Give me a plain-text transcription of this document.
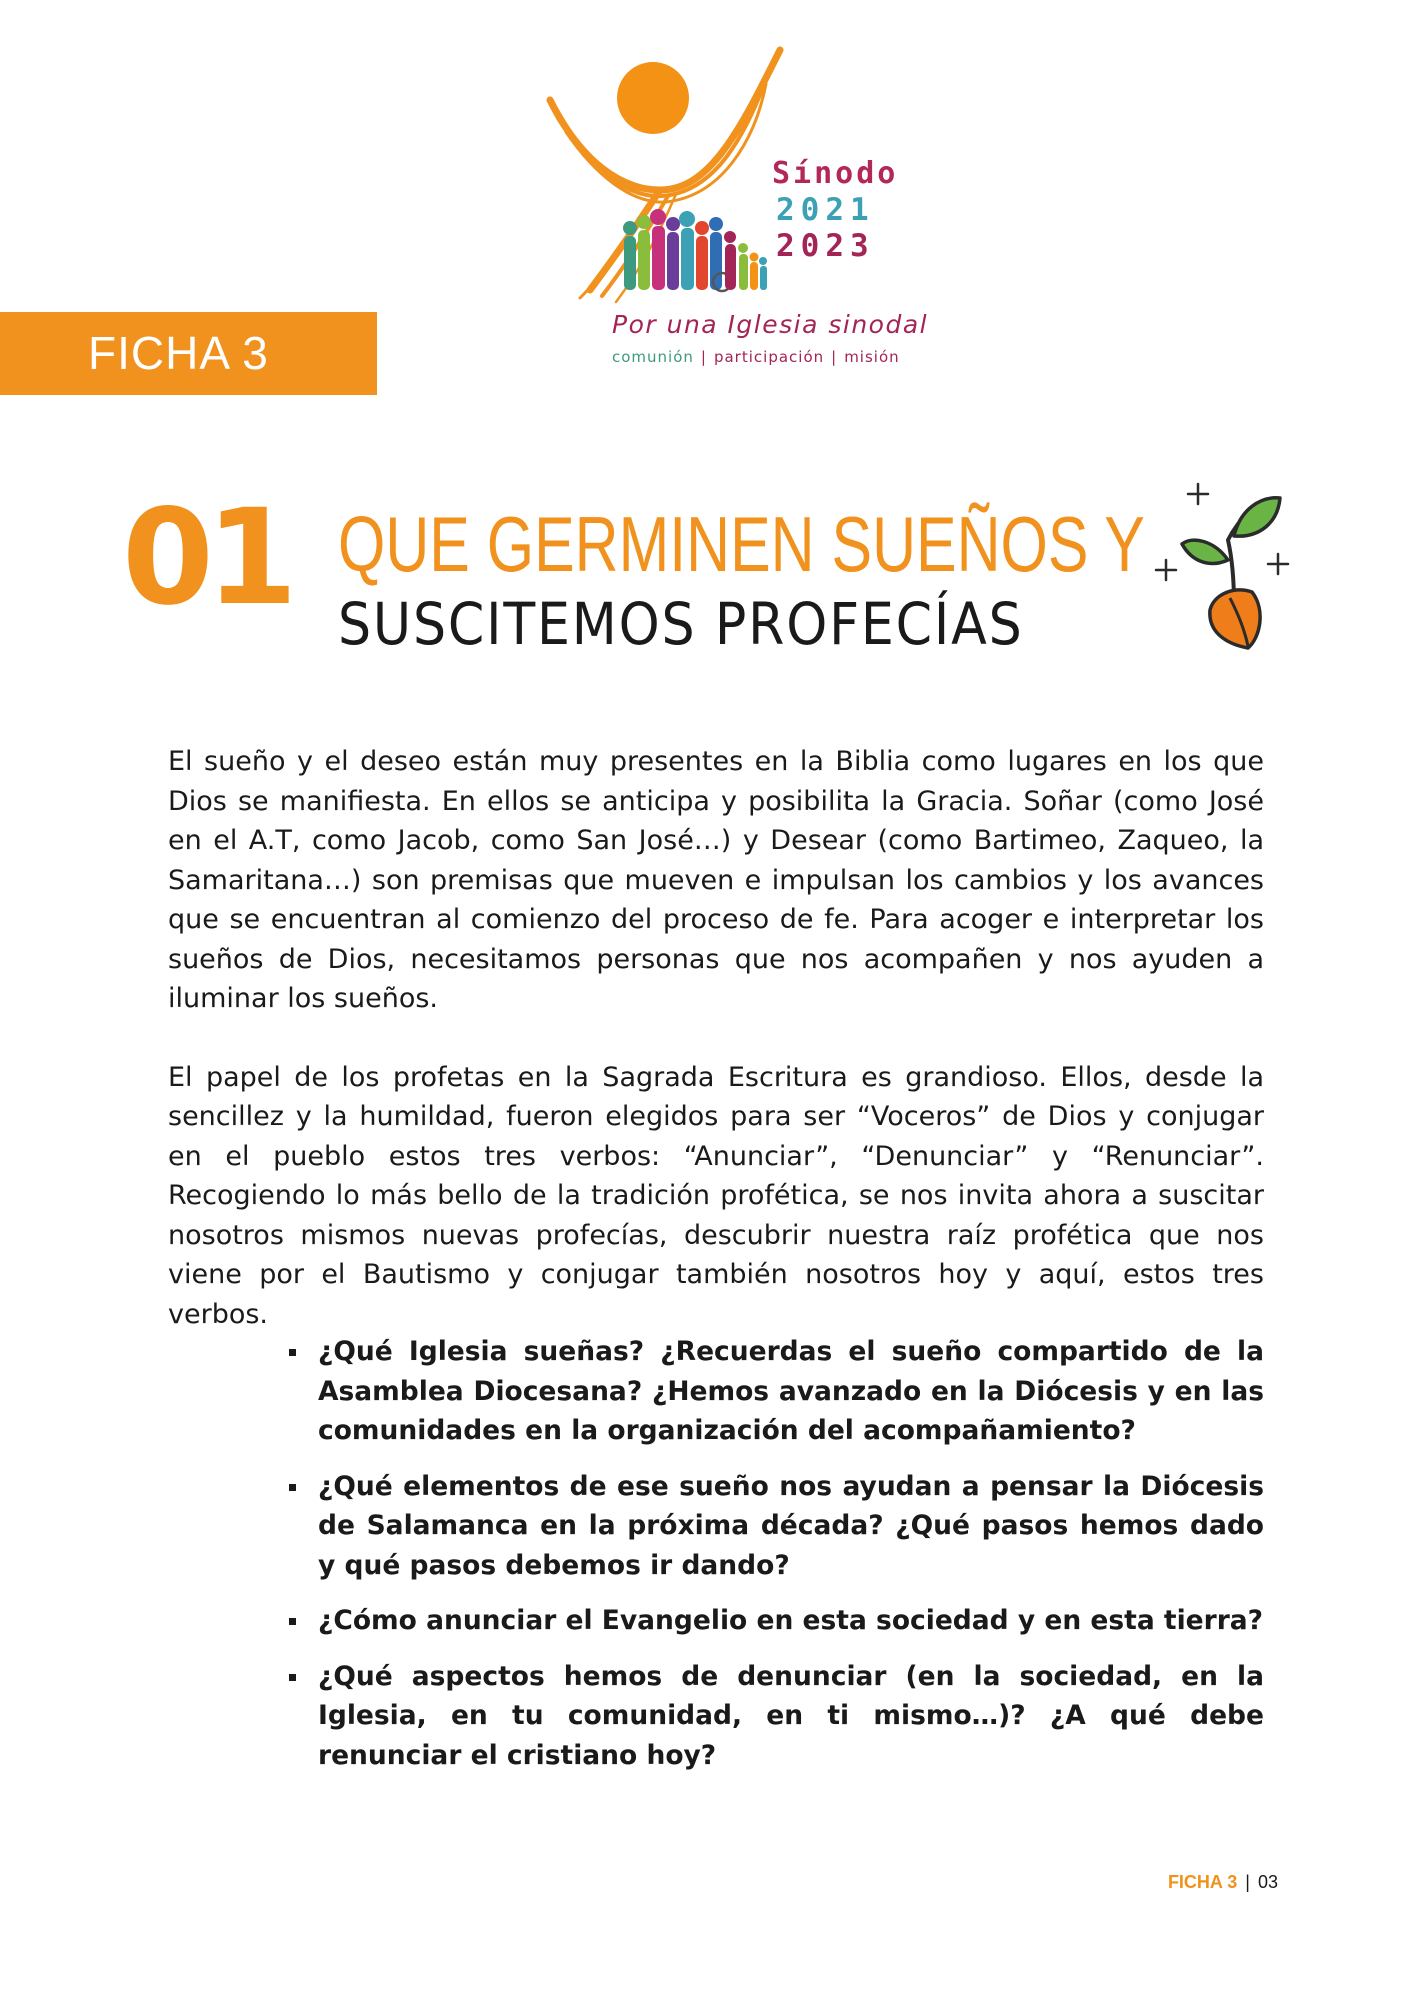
Sínodo
2021
2023
Por una Iglesia sinodal
comunión | participación | misión
FICHA 3
01 QUE GERMINEN SUEÑOS Y
SUSCITEMOS PROFECÍAS

El sueño y el deseo están muy presentes en la Biblia como lugares en los que Dios se manifiesta. En ellos se anticipa y posibilita la Gracia. Soñar (como José en el A.T, como Jacob, como San José…) y Desear (como Bartimeo, Zaqueo, la Samaritana…) son premisas que mueven e impulsan los cambios y los avances que se encuentran al comienzo del proceso de fe. Para acoger e interpretar los sueños de Dios, necesitamos personas que nos acompañen y nos ayuden a iluminar los sueños.

El papel de los profetas en la Sagrada Escritura es grandioso. Ellos, desde la sencillez y la humildad, fueron elegidos para ser “Voceros” de Dios y conjugar en el pueblo estos tres verbos: “Anunciar”, “Denunciar” y “Renunciar”. Recogiendo lo más bello de la tradición profética, se nos invita ahora a suscitar nosotros mismos nuevas profecías, descubrir nuestra raíz profética que nos viene por el Bautismo y conjugar también nosotros hoy y aquí, estos tres verbos.

¿Qué Iglesia sueñas? ¿Recuerdas el sueño compartido de la Asamblea Diocesana? ¿Hemos avanzado en la Diócesis y en las comunidades en la organización del acompañamiento?
¿Qué elementos de ese sueño nos ayudan a pensar la Diócesis de Salamanca en la próxima década? ¿Qué pasos hemos dado y qué pasos debemos ir dando?
¿Cómo anunciar el Evangelio en esta sociedad y en esta tierra?
¿Qué aspectos hemos de denunciar (en la sociedad, en la Iglesia, en tu comunidad, en ti mismo…)? ¿A qué debe renunciar el cristiano hoy?
FICHA 3 | 03
